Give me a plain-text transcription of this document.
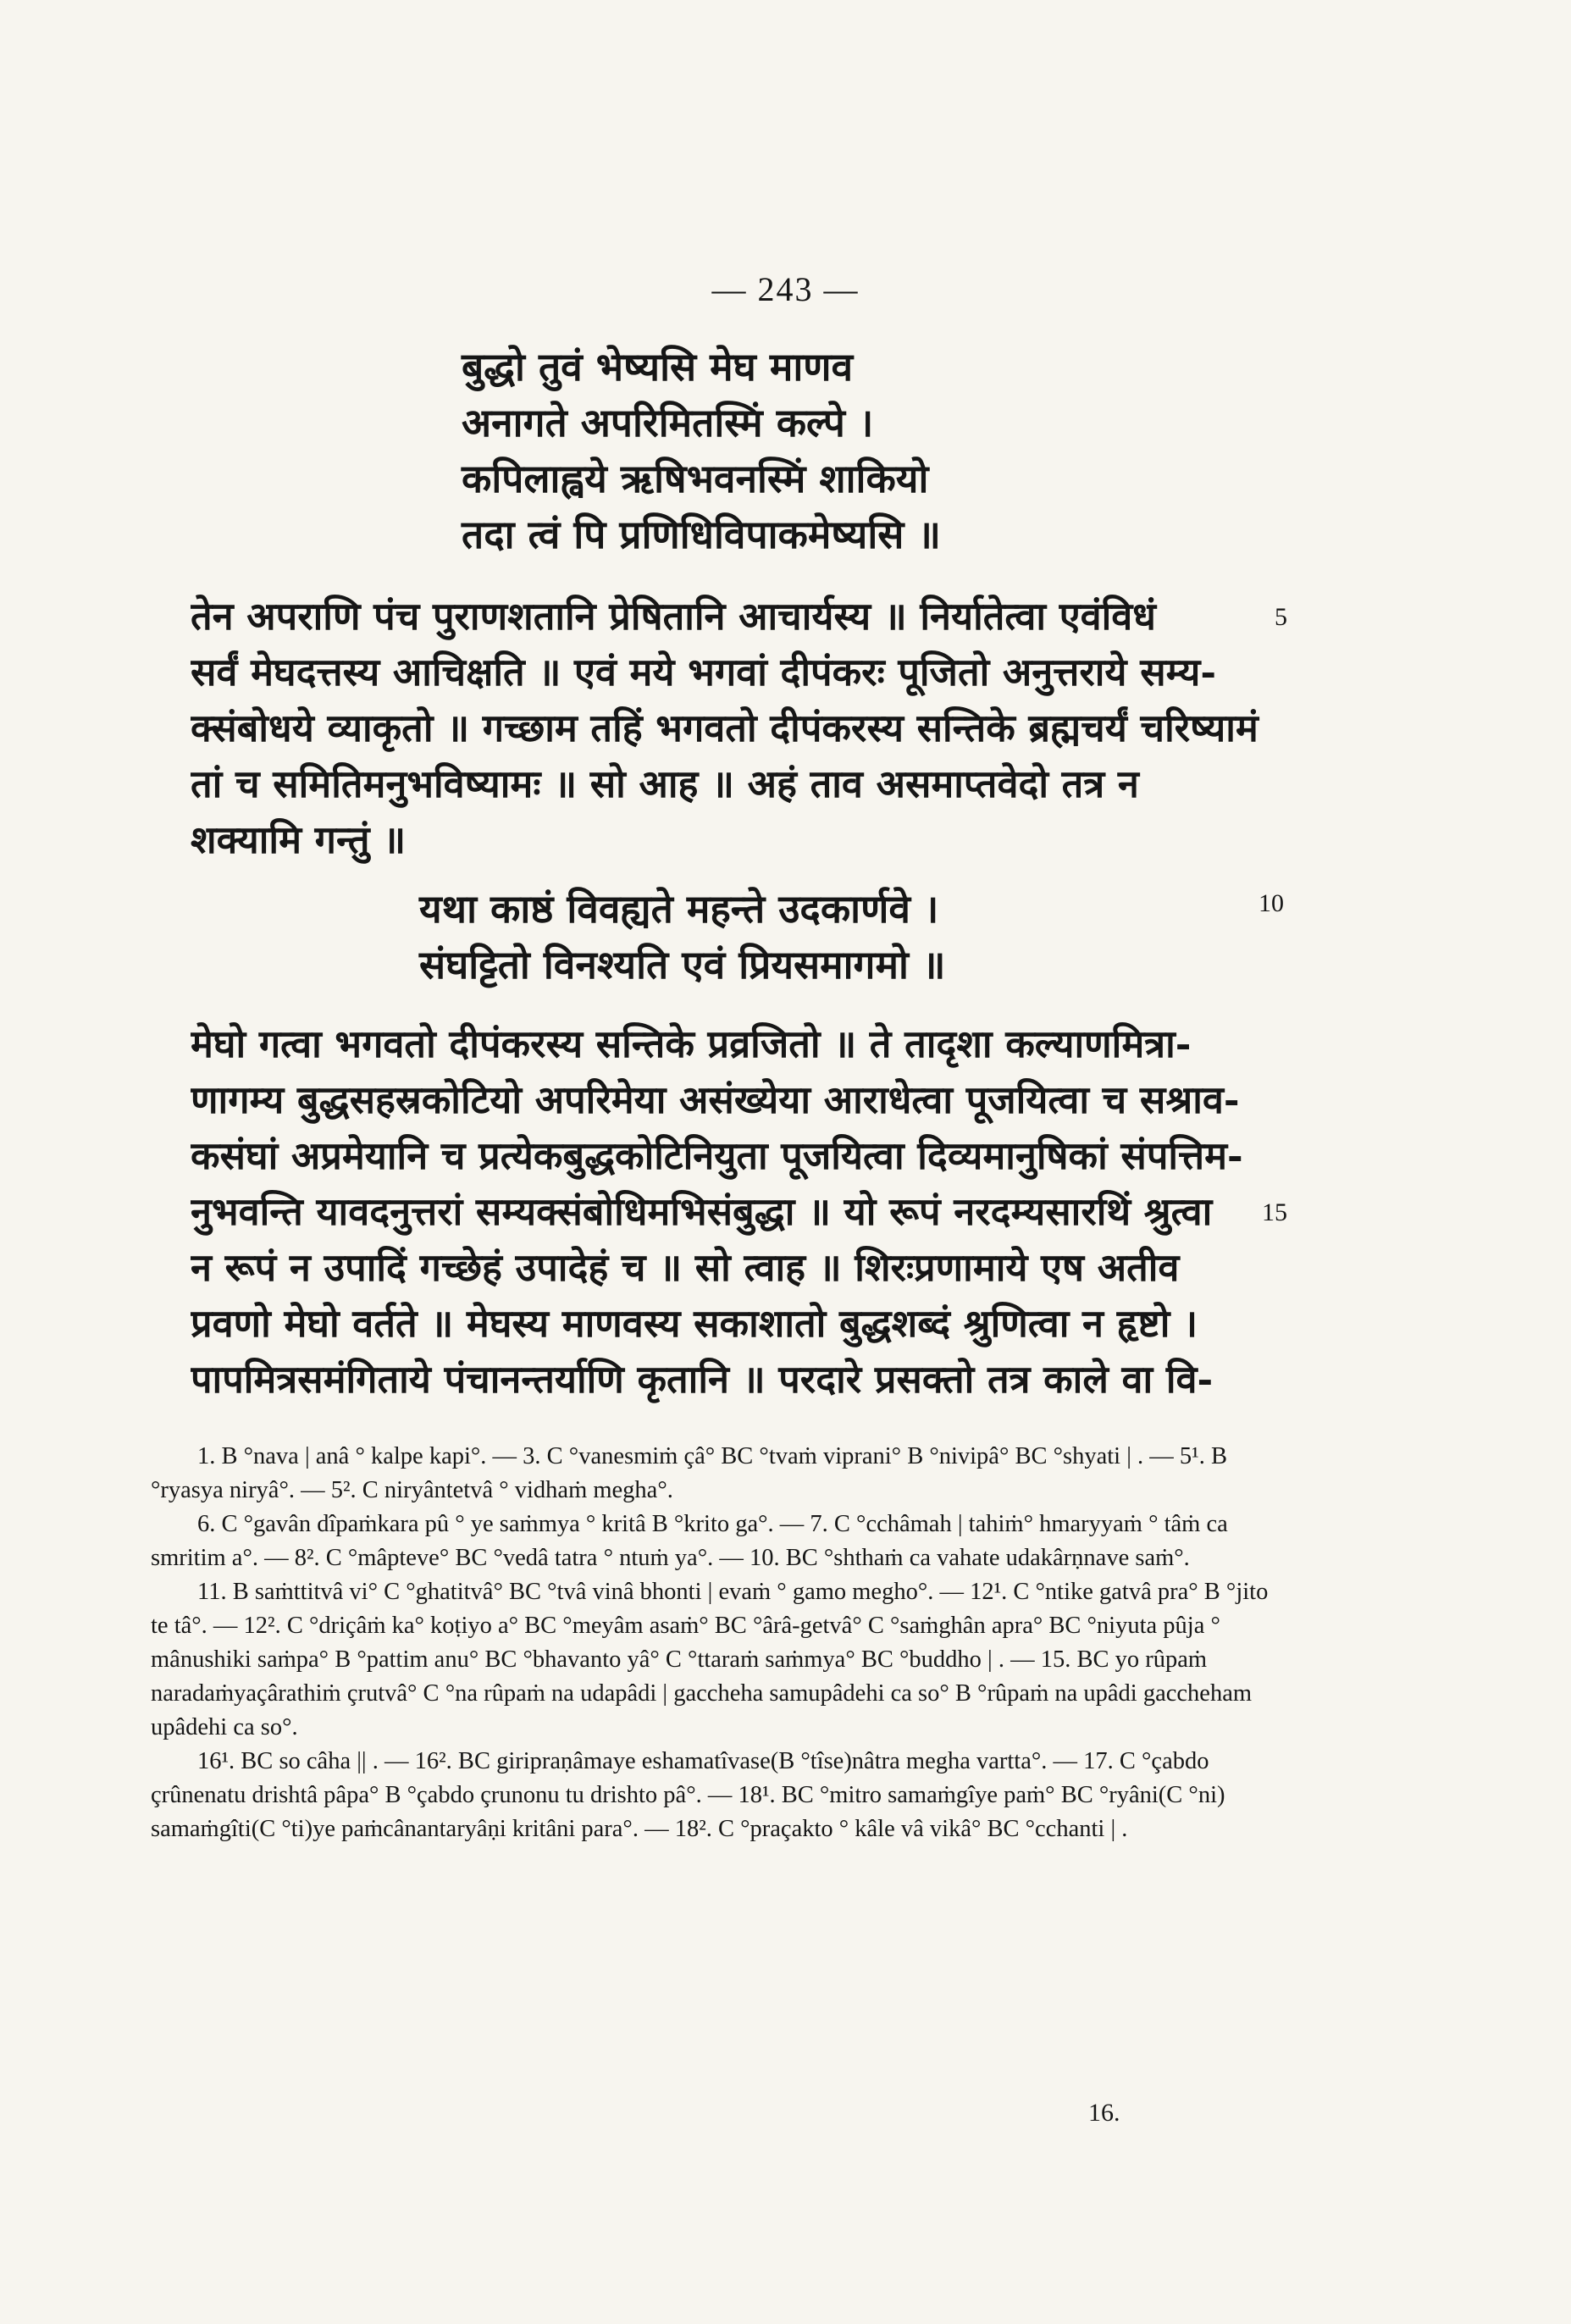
— 243 —
बुद्धो तुवं भेष्यसि मेघ माणव
अनागते अपरिमितस्मिं कल्पे ।
कपिलाह्वये ऋषिभवनस्मिं शाकियो
तदा त्वं पि प्रणिधिविपाकमेष्यसि ॥
तेन अपराणि पंच पुराणशतानि प्रेषितानि आचार्यस्य ॥ निर्यातेत्वा एवंविधं
सर्वं मेघदत्तस्य आचिक्षति ॥ एवं मये भगवां दीपंकरः पूजितो अनुत्तराये सम्य-
क्संबोधये व्याकृतो ॥ गच्छाम तहिं भगवतो दीपंकरस्य सन्तिके ब्रह्मचर्यं चरिष्यामं
तां च समितिमनुभविष्यामः ॥ सो आह ॥ अहं ताव असमाप्तवेदो तत्र न
शक्यामि गन्तुं ॥
5
यथा काष्ठं विवह्यते महन्ते उदकार्णवे ।
संघट्टितो विनश्यति एवं प्रियसमागमो ॥
10
मेघो गत्वा भगवतो दीपंकरस्य सन्तिके प्रव्रजितो ॥ ते तादृशा कल्याणमित्रा-
णागम्य बुद्धसहस्रकोटियो अपरिमेया असंख्येया आराधेत्वा पूजयित्वा च सश्राव-
कसंघां अप्रमेयानि च प्रत्येकबुद्धकोटिनियुता पूजयित्वा दिव्यमानुषिकां संपत्तिम-
नुभवन्ति यावदनुत्तरां सम्यक्संबोधिमभिसंबुद्धा ॥ यो रूपं नरदम्यसारथिं श्रुत्वा
न रूपं न उपादिं गच्छेहं उपादेहं च ॥ सो त्वाह ॥ शिरःप्रणामाये एष अतीव
प्रवणो मेघो वर्तते ॥ मेघस्य माणवस्य सकाशातो बुद्धशब्दं श्रुणित्वा न हृष्टो ।
पापमित्रसमंगिताये पंचानन्तर्याणि कृतानि ॥ परदारे प्रसक्तो तत्र काले वा वि-
15
1. B °nava | anâ ° kalpe kapi°. — 3. C °vanesmiṁ çâ° BC °tvaṁ viprani° B °nivipâ° BC °shyati | . — 5¹. B °ryasya niryâ°. — 5². C niryântetvâ ° vidhaṁ megha°.
6. C °gavân dîpaṁkara pû ° ye saṁmya ° kritâ B °krito ga°. — 7. C °cchâmah | tahiṁ° hmaryyaṁ ° tâṁ ca smritim a°. — 8². C °mâpteve° BC °vedâ tatra ° ntuṁ ya°. — 10. BC °shthaṁ ca vahate udakârṇnave saṁ°.
11. B saṁttitvâ vi° C °ghatitvâ° BC °tvâ vinâ bhonti | evaṁ ° gamo megho°. — 12¹. C °ntike gatvâ pra° B °jito te tâ°. — 12². C °driçâṁ ka° koṭiyo a° BC °meyâm asaṁ° BC °ârâ-getvâ° C °saṁghân apra° BC °niyuta pûja ° mânushiki saṁpa° B °pattim anu° BC °bhavanto yâ° C °ttaraṁ saṁmya° BC °buddho | . — 15. BC yo rûpaṁ naradaṁyaçârathiṁ çrutvâ° C °na rûpaṁ na udapâdi | gaccheha samupâdehi ca so° B °rûpaṁ na upâdi gaccheham upâdehi ca so°.
16¹. BC so câha || . — 16². BC giripraṇâmaye eshamatîvase(B °tîse)nâtra megha vartta°. — 17. C °çabdo çrûnenatu drishtâ pâpa° B °çabdo çrunonu tu drishto pâ°. — 18¹. BC °mitro samaṁgîye paṁ° BC °ryâni(C °ni) samaṁgîti(C °ti)ye paṁcânantaryâṇi kritâni para°. — 18². C °praçakto ° kâle vâ vikâ° BC °cchanti | .
16.
